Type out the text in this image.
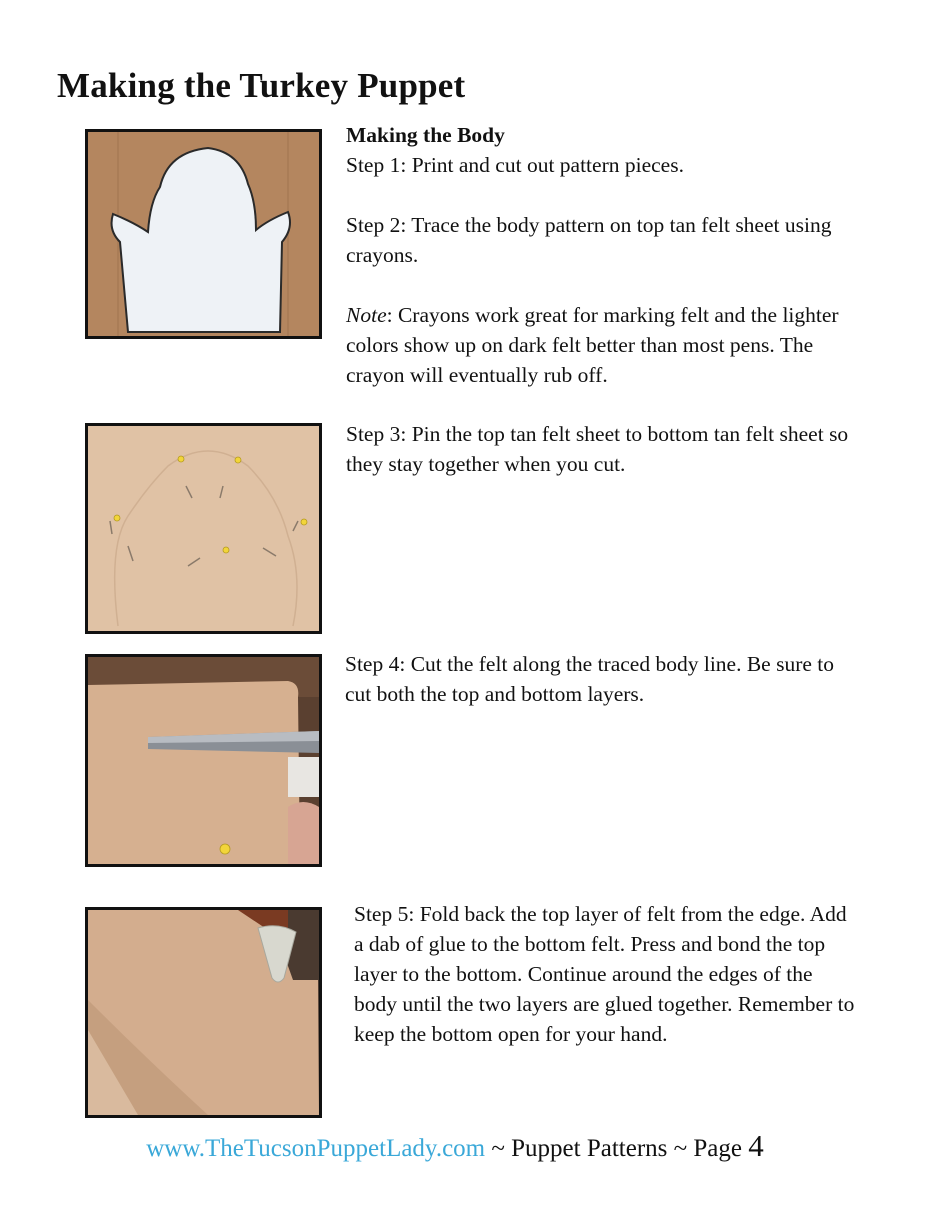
Making the Turkey Puppet

Making the Body

Step 1: Print and cut out pattern pieces.

Step 2: Trace the body pattern on top tan felt sheet using crayons.

Note: Crayons work great for marking felt and the lighter colors show up on dark felt better than most pens. The crayon will eventually rub off.

Step 3: Pin the top tan felt sheet to bottom tan felt sheet so they stay together when you cut.

Step 4: Cut the felt along the traced body line. Be sure to cut both the top and bottom layers.

Step 5: Fold back the top layer of felt from the edge. Add a dab of glue to the bottom felt. Press and bond the top layer to the bottom. Continue around the edges of the body until the two layers are glued together. Remember to keep the bottom open for your hand.

www.TheTucsonPuppetLady.com ~ Puppet Patterns ~ Page 4
